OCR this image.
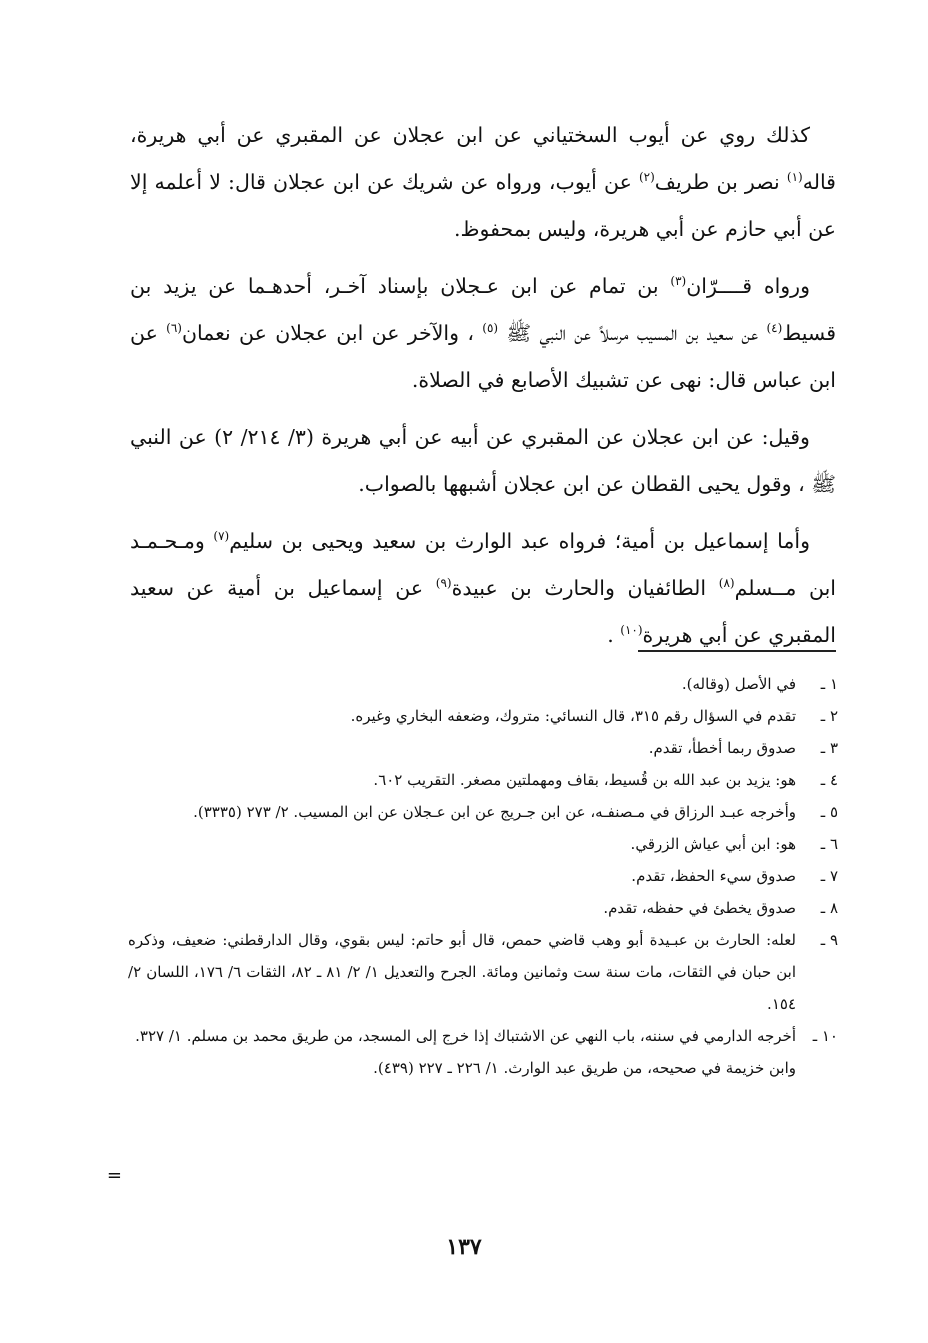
كذلك روي عن أيوب السختياني عن ابن عجلان عن المقبري عن أبي هريرة، قاله$^{(١)}$ نصر بن طريف$^{(٢)}$ عن أيوب، ورواه عن شريك عن ابن عجلان قال: لا أعلمه إلا عن أبي حازم عن أبي هريرة، وليس بمحفوظ.

ورواه قــــرّان$^{(٣)}$ بن تمام عن ابن عـجلان بإسناد آخـر، أحدهـما عن يزيد بن قسيط$^{(٤)}$ عن سعيد بن المسيب مرسلاً عن النبي ﷺ $^{(٥)}$ ، والآخر عن ابن عجلان عن نعمان$^{(٦)}$ عن ابن عباس قال: نهى عن تشبيك الأصابع في الصلاة.

وقيل: عن ابن عجلان عن المقبري عن أبيه عن أبي هريرة (٣/ ٢١٤/ ٢) عن النبي ﷺ ، وقول يحيى القطان عن ابن عجلان أشبهها بالصواب.

وأما إسماعيل بن أمية؛ فرواه عبد الوارث بن سعيد ويحيى بن سليم$^{(٧)}$ ومـحـمـد ابن مــسلم$^{(٨)}$ الطائفيان والحارث بن عبيدة$^{(٩)}$ عن إسماعيل بن أمية عن سعيد المقبري عن أبي هريرة$^{(١٠)}$ .

١ ـ
في الأصل (وقاله).
٢ ـ
تقدم في السؤال رقم ٣١٥، قال النسائي: متروك، وضعفه البخاري وغيره.
٣ ـ
صدوق ربما أخطأ، تقدم.
٤ ـ
هو: يزيد بن عبد الله بن قُسيط، بقاف ومهملتين مصغر. التقريب ٦٠٢.
٥ ـ
وأخرجه عبـد الرزاق في مـصنفـه، عن ابن جـريج عن ابن عـجلان عن ابن المسيب. ٢/ ٢٧٣ (٣٣٣٥).
٦ ـ
هو: ابن أبي عياش الزرقي.
٧ ـ
صدوق سيء الحفظ، تقدم.
٨ ـ
صدوق يخطئ في حفظه، تقدم.
٩ ـ
لعله: الحارث بن عبـيدة أبو وهب قاضي حمص، قال أبو حاتم: ليس بقوي، وقال الدارقطني: ضعيف، وذكره ابن حبان في الثقات، مات سنة ست وثمانين ومائة. الجرح والتعديل ١/ ٢/ ٨١ ـ ٨٢، الثقات ٦/ ١٧٦، اللسان ٢/ ١٥٤.
١٠ ـ
أخرجه الدارمي في سننه، باب النهي عن الاشتباك إذا خرج إلى المسجد، من طريق محمد بن مسلم. ١/ ٣٢٧.
وابن خزيمة في صحيحه، من طريق عبد الوارث. ١/ ٢٢٦ ـ ٢٢٧ (٤٣٩).
=
١٣٧
